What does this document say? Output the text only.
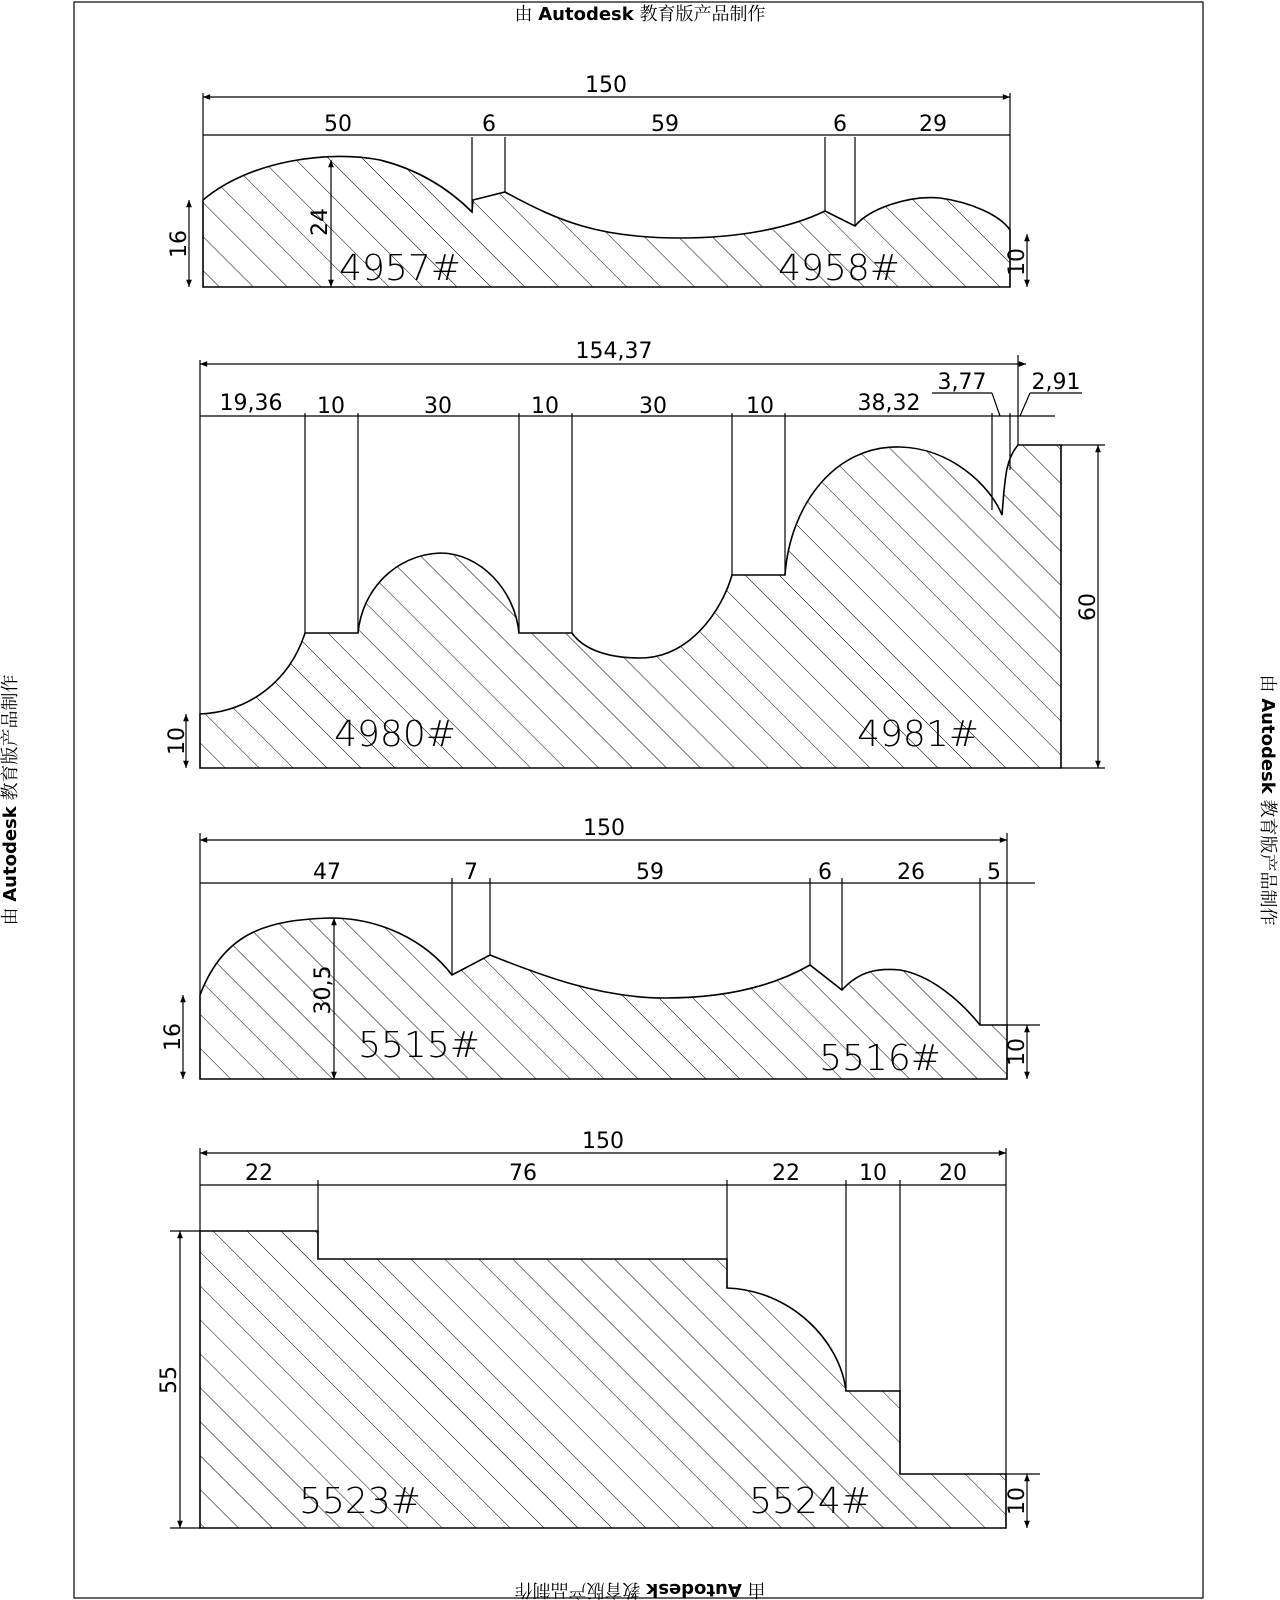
由 Autodesk 教育版产品制作
由 Autodesk 教育版产品制作
由 Autodesk 教育版产品制作	由 Autodesk 教育版产品制作
150
50	6	59	6	29
16
24
10
4957#	4958#
154,37
19,36 10	30	10	30	10	38,32
3,77 2,91
10
60
4980#	4981#
150
47	7	59	6	26	5
16
30,5
10
5515#	5516#
150
22	76	22	10 20
55
10
5523#	5524#
